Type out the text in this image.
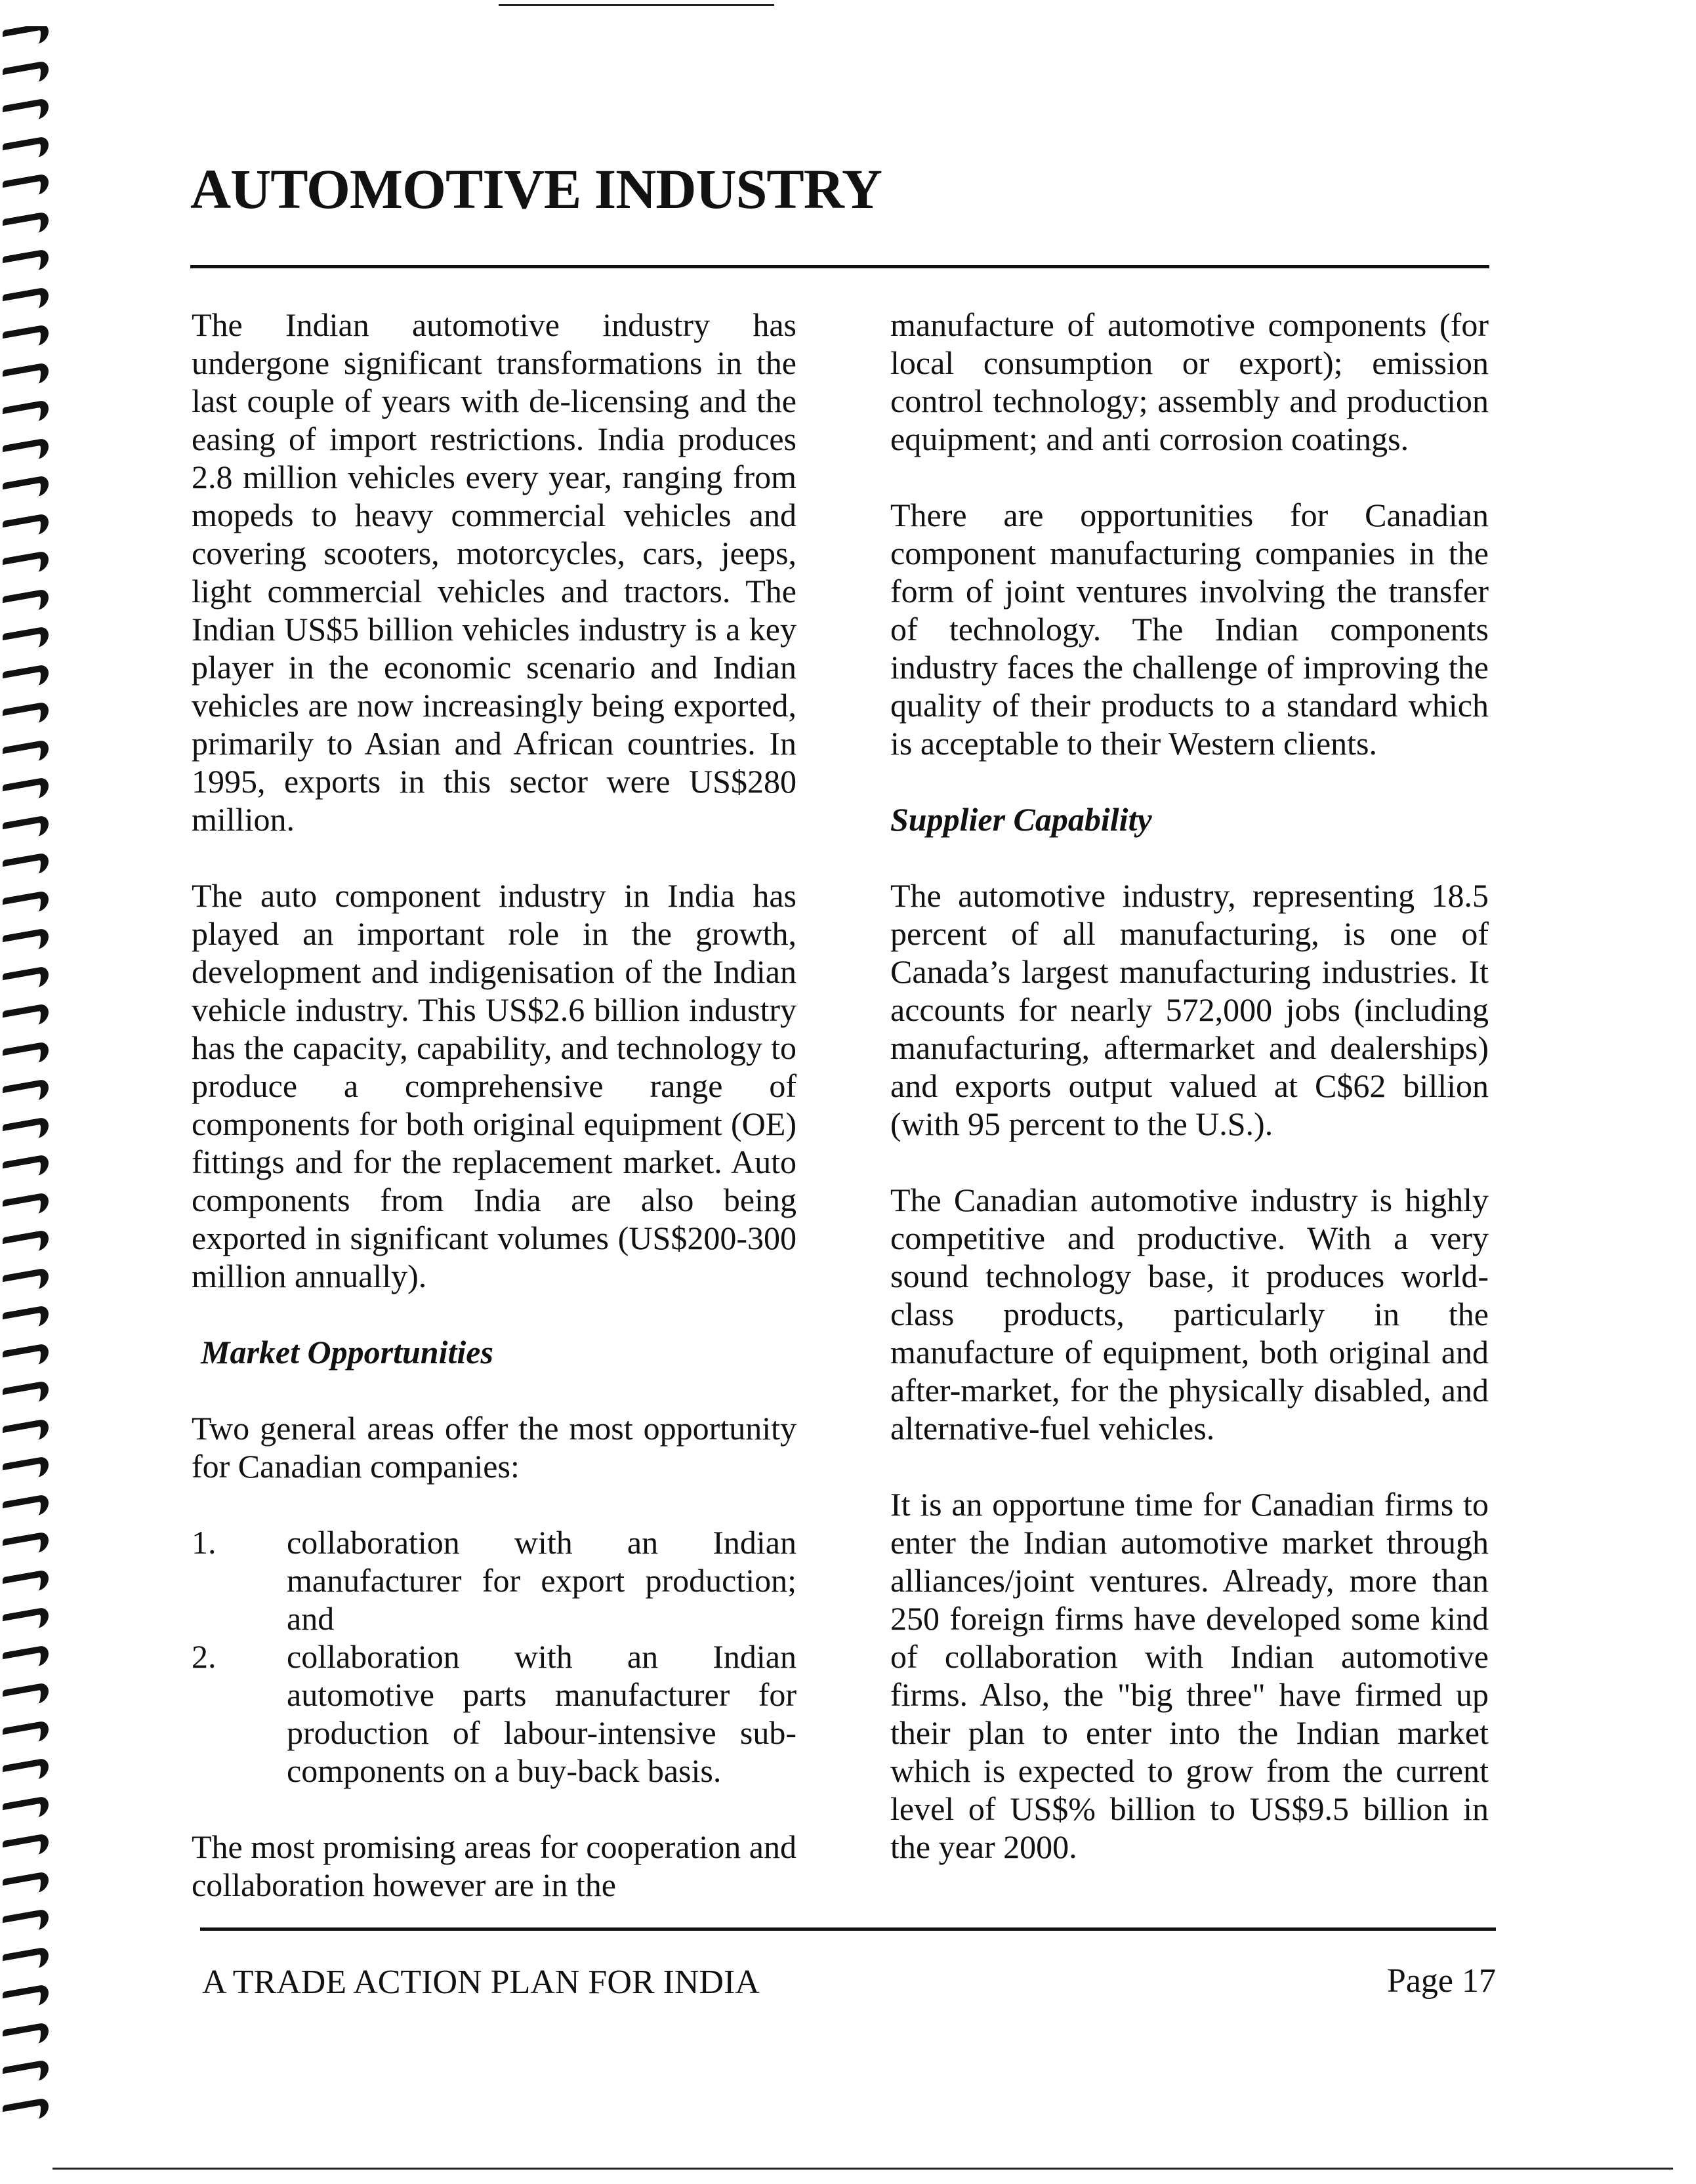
AUTOMOTIVE INDUSTRY

The Indian automotive industry has undergone significant transformations in the last couple of years with de-licensing and the easing of import restrictions. India produces 2.8 million vehicles every year, ranging from mopeds to heavy commercial vehicles and covering scooters, motorcycles, cars, jeeps, light commercial vehicles and tractors. The Indian US$5 billion vehicles industry is a key player in the economic scenario and Indian vehicles are now increasingly being exported, primarily to Asian and African countries. In 1995, exports in this sector were US$280 million.

The auto component industry in India has played an important role in the growth, development and indigenisation of the Indian vehicle industry. This US$2.6 billion industry has the capacity, capability, and technology to produce a comprehensive range of components for both original equipment (OE) fittings and for the replacement market. Auto components from India are also being exported in significant volumes (US$200-300 million annually).

Market Opportunities

Two general areas offer the most opportunity for Canadian companies:

1.	collaboration with an Indian manufacturer for export production; and
2.	collaboration with an Indian automotive parts manufacturer for production of labour-intensive sub-components on a buy-back basis.

The most promising areas for cooperation and collaboration however are in the

manufacture of automotive components (for local consumption or export); emission control technology; assembly and production equipment; and anti corrosion coatings.

There are opportunities for Canadian component manufacturing companies in the form of joint ventures involving the transfer of technology. The Indian components industry faces the challenge of improving the quality of their products to a standard which is acceptable to their Western clients.

Supplier Capability

The automotive industry, representing 18.5 percent of all manufacturing, is one of Canada’s largest manufacturing industries. It accounts for nearly 572,000 jobs (including manufacturing, aftermarket and dealerships) and exports output valued at C$62 billion (with 95 percent to the U.S.).

The Canadian automotive industry is highly competitive and productive. With a very sound technology base, it produces world-class products, particularly in the manufacture of equipment, both original and after-market, for the physically disabled, and alternative-fuel vehicles.

It is an opportune time for Canadian firms to enter the Indian automotive market through alliances/joint ventures. Already, more than 250 foreign firms have developed some kind of collaboration with Indian automotive firms. Also, the "big three" have firmed up their plan to enter into the Indian market which is expected to grow from the current level of US$% billion to US$9.5 billion in the year 2000.

A TRADE ACTION PLAN FOR INDIA	Page 17
